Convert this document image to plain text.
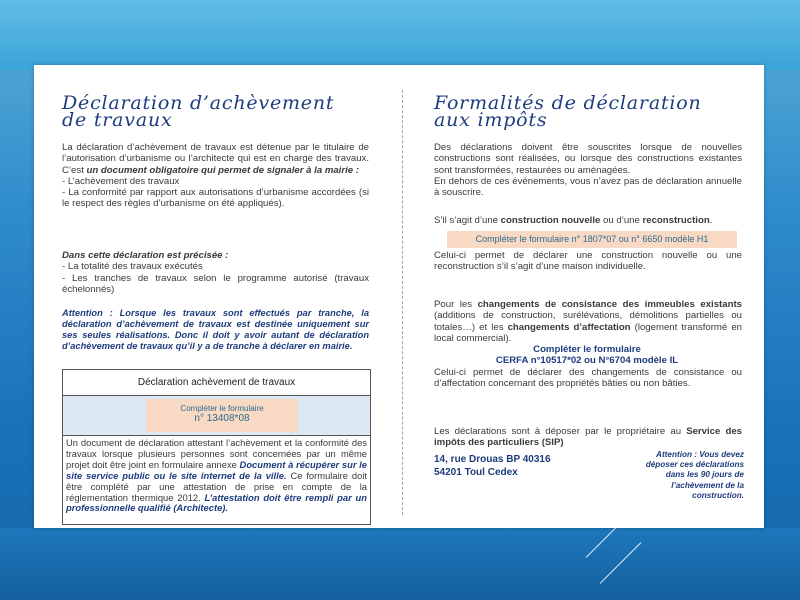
Déclaration d’achèvement
de travaux
La déclaration d’achèvement de travaux est détenue par le titulaire de l’autorisation d’urbanisme ou l’architecte qui est en charge des travaux. C’est un document obligatoire qui permet de signaler à la mairie :
- L’achèvement des travaux
- La conformité par rapport aux autorisations d’urbanisme accordées (si le respect des règles d’urbanisme on été appliqués).
Dans cette déclaration est précisée :
- La totalité des travaux exécutés
- Les tranches de travaux selon le programme autorisé (travaux échelonnés)
Attention : Lorsque les travaux sont effectués par tranche, la déclaration d’achèvement de travaux est destinée uniquement sur ses seules réalisations. Donc il doit y avoir autant de déclaration d’achèvement de travaux qu’il y a de tranche à déclarer en mairie.
Déclaration achèvement de travaux
Compléter le formulaire
n° 13408*08
Un document de déclaration attestant l’achèvement et la conformité des travaux lorsque plusieurs personnes sont concernées par un même projet doit être joint en formulaire annexe Document à récupérer sur le site service public ou le site internet de la ville. Ce formulaire doit être complété par une attestation de prise en compte de la réglementation thermique 2012. L’attestation doit être rempli par un professionnelle qualifié (Architecte).
Formalités de déclaration
aux impôts
Des déclarations doivent être souscrites lorsque de nouvelles constructions sont réalisées, ou lorsque des constructions existantes sont transformées, restaurées ou aménagées.
En dehors de ces événements, vous n’avez pas de déclaration annuelle à souscrire.
S’il s’agit d’une construction nouvelle ou d’une reconstruction.
Compléter le formulaire n° 1807*07 ou n° 6650 modèle H1
Celui-ci permet de déclarer une construction nouvelle ou une reconstruction s’il s’agit d’une maison individuelle.
Pour les changements de consistance des immeubles existants (additions de construction, surélévations, démolitions partielles ou totales…) et les changements d’affectation (logement transformé en local commercial).
Compléter le formulaire
CERFA n°10517*02 ou N°6704 modèle IL
Celui-ci permet de déclarer des changements de consistance ou d’affectation concernant des propriétés bâties ou non bâties.
Les déclarations sont à déposer par le propriétaire au Service des impôts des particuliers (SIP)
14, rue Drouas BP 40316
54201 Toul Cedex
Attention : Vous devez déposer ces déclarations dans les 90 jours de l’achèvement de la construction.
